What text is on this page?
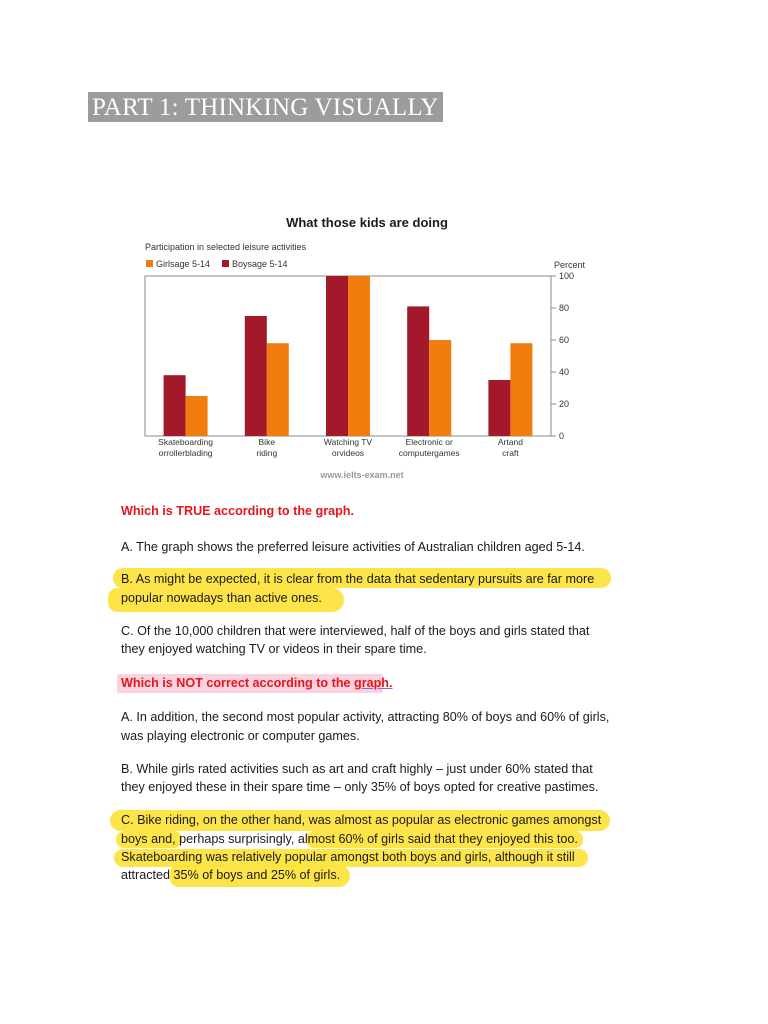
PART 1: THINKING VISUALLY
What those kids are doing
Participation in selected leisure activities
Girlsage 5-14 Boysage 5-14	Percent
100
80
60
40
20
0
Skateboarding
orrollerblading
Bike
riding
Watching TV
orvideos
Electronic or
computergames
Artand
craft
www.ielts-exam.net
Which is TRUE according to the graph.
A. The graph shows the preferred leisure activities of Australian children aged 5-14.
B. As might be expected, it is clear from the data that sedentary pursuits are far more
popular nowadays than active ones.
C. Of the 10,000 children that were interviewed, half of the boys and girls stated that
they enjoyed watching TV or videos in their spare time.
Which is NOT correct according to the graph.
A. In addition, the second most popular activity, attracting 80% of boys and 60% of girls,
was playing electronic or computer games.
B. While girls rated activities such as art and craft highly – just under 60% stated that
they enjoyed these in their spare time – only 35% of boys opted for creative pastimes.
C. Bike riding, on the other hand, was almost as popular as electronic games amongst
boys and, perhaps surprisingly, almost 60% of girls said that they enjoyed this too.
Skateboarding was relatively popular amongst both boys and girls, although it still
attracted 35% of boys and 25% of girls.
